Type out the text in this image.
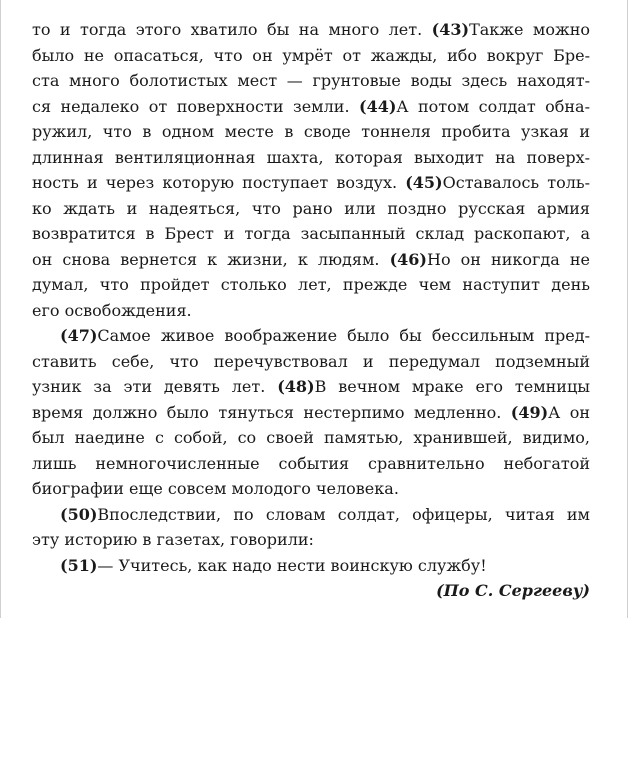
то и тогда этого хватило бы на много лет. (43)Также можно
было не опасаться, что он умрёт от жажды, ибо вокруг Бре-
ста много болотистых мест — грунтовые воды здесь находят-
ся недалеко от поверхности земли. (44)А потом солдат обна-
ружил, что в одном месте в своде тоннеля пробита узкая и
длинная вентиляционная шахта, которая выходит на поверх-
ность и через которую поступает воздух. (45)Оставалось толь-
ко ждать и надеяться, что рано или поздно русская армия
возвратится в Брест и тогда засыпанный склад раскопают, а
он снова вернется к жизни, к людям. (46)Но он никогда не
думал, что пройдет столько лет, прежде чем наступит день
его освобождения.
(47)Самое живое воображение было бы бессильным пред-
ставить себе, что перечувствовал и передумал подземный
узник за эти девять лет. (48)В вечном мраке его темницы
время должно было тянуться нестерпимо медленно. (49)А он
был наедине с собой, со своей памятью, хранившей, видимо,
лишь немногочисленные события сравнительно небогатой
биографии еще совсем молодого человека.
(50)Впоследствии, по словам солдат, офицеры, читая им
эту историю в газетах, говорили:
(51)— Учитесь, как надо нести воинскую службу!
(По С. Сергееву)
